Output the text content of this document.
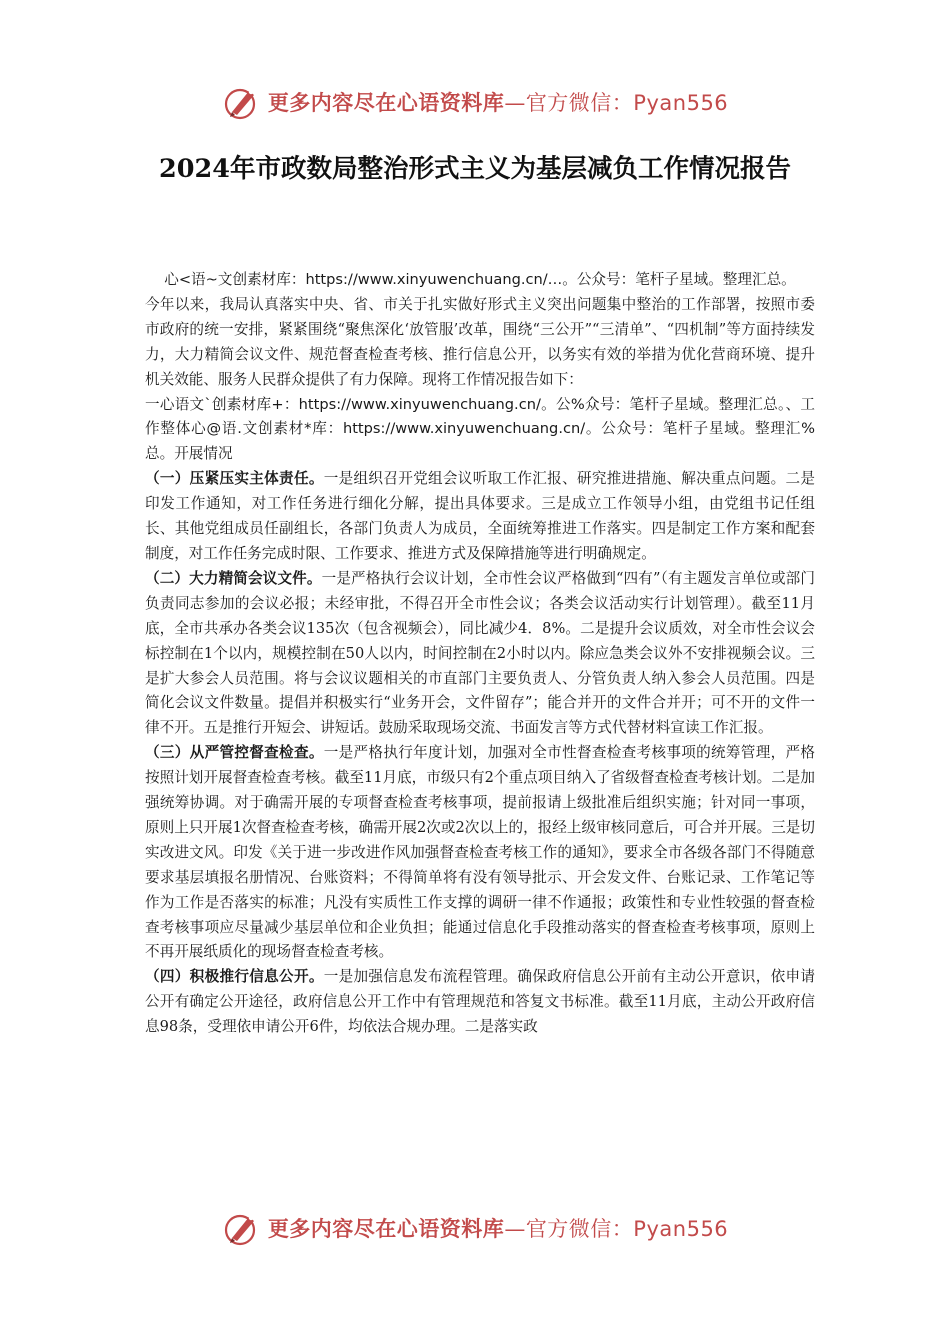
更多内容尽在心语资料库—官方微信：Pyan556
2024年市政数局整治形式主义为基层减负工作情况报告

心<语~文创素材库：https://www.xinyuwenchuang.cn/…。公众号：笔杆子星域。整理汇总。

今年以来，我局认真落实中央、省、市关于扎实做好形式主义突出问题集中整治的工作部署，按照市委市政府的统一安排，紧紧围绕“聚焦深化‘放管服’改革，围绕“三公开”“三清单”、“四机制”等方面持续发力，大力精简会议文件、规范督查检查考核、推行信息公开，以务实有效的举措为优化营商环境、提升机关效能、服务人民群众提供了有力保障。现将工作情况报告如下：

一心语文`创素材库+：https://www.xinyuwenchuang.cn/。公%众号：笔杆子星域。整理汇总。、工作整体心@语.文创素材*库：https://www.xinyuwenchuang.cn/。公众号：笔杆子星域。整理汇%总。开展情况

（一）压紧压实主体责任。一是组织召开党组会议听取工作汇报、研究推进措施、解决重点问题。二是印发工作通知，对工作任务进行细化分解，提出具体要求。三是成立工作领导小组，由党组书记任组长、其他党组成员任副组长，各部门负责人为成员，全面统筹推进工作落实。四是制定工作方案和配套制度，对工作任务完成时限、工作要求、推进方式及保障措施等进行明确规定。

（二）大力精简会议文件。一是严格执行会议计划，全市性会议严格做到“四有”（有主题发言单位或部门负责同志参加的会议必报；未经审批，不得召开全市性会议；各类会议活动实行计划管理）。截至11月底，全市共承办各类会议135次（包含视频会），同比减少4．8%。二是提升会议质效，对全市性会议会标控制在1个以内，规模控制在50人以内，时间控制在2小时以内。除应急类会议外不安排视频会议。三是扩大参会人员范围。将与会议议题相关的市直部门主要负责人、分管负责人纳入参会人员范围。四是简化会议文件数量。提倡并积极实行“业务开会，文件留存”；能合并开的文件合并开；可不开的文件一律不开。五是推行开短会、讲短话。鼓励采取现场交流、书面发言等方式代替材料宣读工作汇报。

（三）从严管控督查检查。一是严格执行年度计划，加强对全市性督查检查考核事项的统筹管理，严格按照计划开展督查检查考核。截至11月底，市级只有2个重点项目纳入了省级督查检查考核计划。二是加强统筹协调。对于确需开展的专项督查检查考核事项，提前报请上级批准后组织实施；针对同一事项，原则上只开展1次督查检查考核，确需开展2次或2次以上的，报经上级审核同意后，可合并开展。三是切实改进文风。印发《关于进一步改进作风加强督查检查考核工作的通知》，要求全市各级各部门不得随意要求基层填报名册情况、台账资料；不得简单将有没有领导批示、开会发文件、台账记录、工作笔记等作为工作是否落实的标准；凡没有实质性工作支撑的调研一律不作通报；政策性和专业性较强的督查检查考核事项应尽量减少基层单位和企业负担；能通过信息化手段推动落实的督查检查考核事项，原则上不再开展纸质化的现场督查检查考核。

（四）积极推行信息公开。一是加强信息发布流程管理。确保政府信息公开前有主动公开意识，依申请公开有确定公开途径，政府信息公开工作中有管理规范和答复文书标准。截至11月底，主动公开政府信息98条，受理依申请公开6件，均依法合规办理。二是落实政

更多内容尽在心语资料库—官方微信：Pyan556
